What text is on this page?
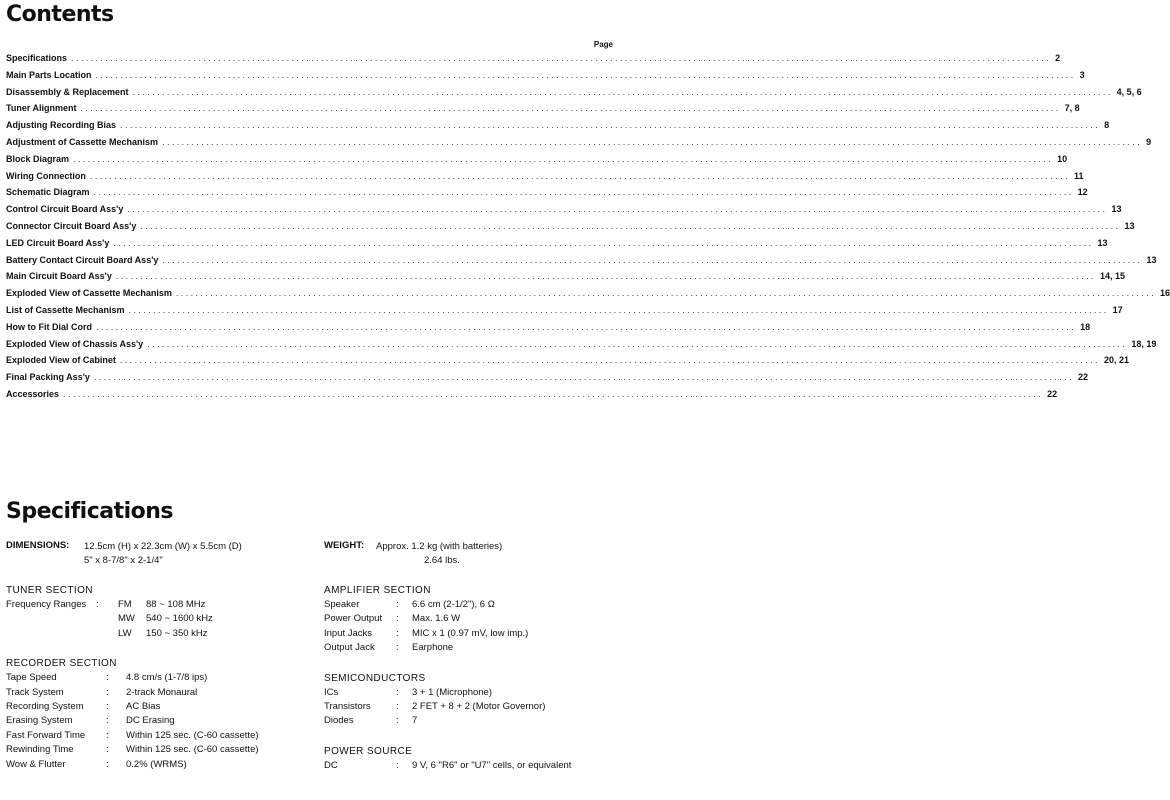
Contents
Page
Specifications ........................................................................................................................................................................................................ 2
Main Parts Location ........................................................................................................................................................................................................ 3
Disassembly & Replacement ........................................................................................................................................................................................................ 4, 5, 6
Tuner Alignment ........................................................................................................................................................................................................ 7, 8
Adjusting Recording Bias ........................................................................................................................................................................................................ 8
Adjustment of Cassette Mechanism ........................................................................................................................................................................................................ 9
Block Diagram ........................................................................................................................................................................................................ 10
Wiring Connection ........................................................................................................................................................................................................ 11
Schematic Diagram ........................................................................................................................................................................................................ 12
Control Circuit Board Ass'y ........................................................................................................................................................................................................ 13
Connector Circuit Board Ass'y ........................................................................................................................................................................................................ 13
LED Circuit Board Ass'y ........................................................................................................................................................................................................ 13
Battery Contact Circuit Board Ass'y ........................................................................................................................................................................................................ 13
Main Circuit Board Ass'y ........................................................................................................................................................................................................ 14, 15
Exploded View of Cassette Mechanism ........................................................................................................................................................................................................ 16
List of Cassette Mechanism ........................................................................................................................................................................................................ 17
How to Fit Dial Cord ........................................................................................................................................................................................................ 18
Exploded View of Chassis Ass'y ........................................................................................................................................................................................................ 18, 19
Exploded View of Cabinet ........................................................................................................................................................................................................ 20, 21
Final Packing Ass'y ........................................................................................................................................................................................................ 22
Accessories ........................................................................................................................................................................................................ 22
Specifications
DIMENSIONS:	12.5cm (H) x 22.3cm (W) x 5.5cm (D)
5" x 8-7/8" x 2-1/4"
TUNER SECTION
Frequency Ranges	:	FM 88 ~ 108 MHz
MW 540 ~ 1600 kHz
LW 150 ~ 350 kHz
RECORDER SECTION
Tape Speed	:	4.8 cm/s (1-7/8 ips)
Track System	:	2-track Monaural
Recording System	:	AC Bias
Erasing System	:	DC Erasing
Fast Forward Time	:	Within 125 sec. (C-60 cassette)
Rewinding Time	:	Within 125 sec. (C-60 cassette)
Wow & Flutter	:	0.2% (WRMS)
WEIGHT:	Approx. 1.2 kg (with batteries)
2.64 lbs.
AMPLIFIER SECTION
Speaker	:	6.6 cm (2-1/2"), 6 Ω
Power Output	:	Max. 1.6 W
Input Jacks	:	MIC x 1 (0.97 mV, low imp.)
Output Jack	:	Earphone
SEMICONDUCTORS
ICs	:	3 + 1 (Microphone)
Transistors	:	2 FET + 8 + 2 (Motor Governor)
Diodes	:	7
POWER SOURCE
DC	:	9 V, 6 "R6" or "U7" cells, or equivalent
